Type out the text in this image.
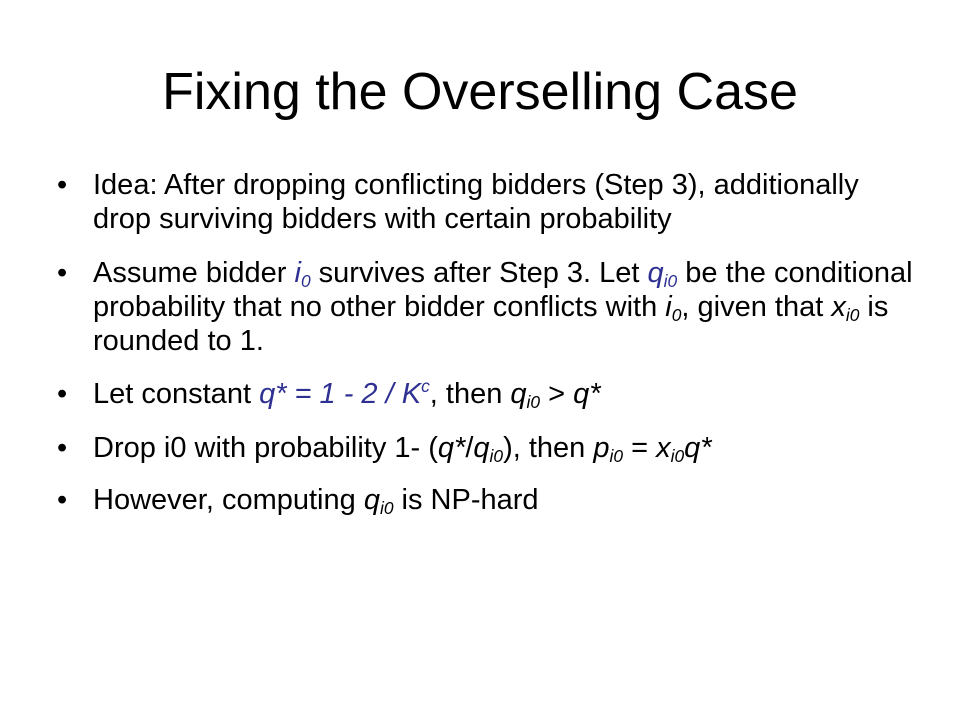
Fixing the Overselling Case
• Idea: After dropping conflicting bidders (Step 3), additionally drop surviving bidders with certain probability
• Assume bidder $i_0$ survives after Step 3. Let $q_{i0}$ be the conditional probability that no other bidder conflicts with $i_0$, given that $x_{i0}$ is rounded to 1.
• Let constant $q* = 1 - 2 / K^c$, then $q_{i0} > q*$
• Drop i0 with probability 1- $(q*/q_{i0})$, then $p_{i0} = x_{i0}q*$
• However, computing $q_{i0}$ is NP-hard
